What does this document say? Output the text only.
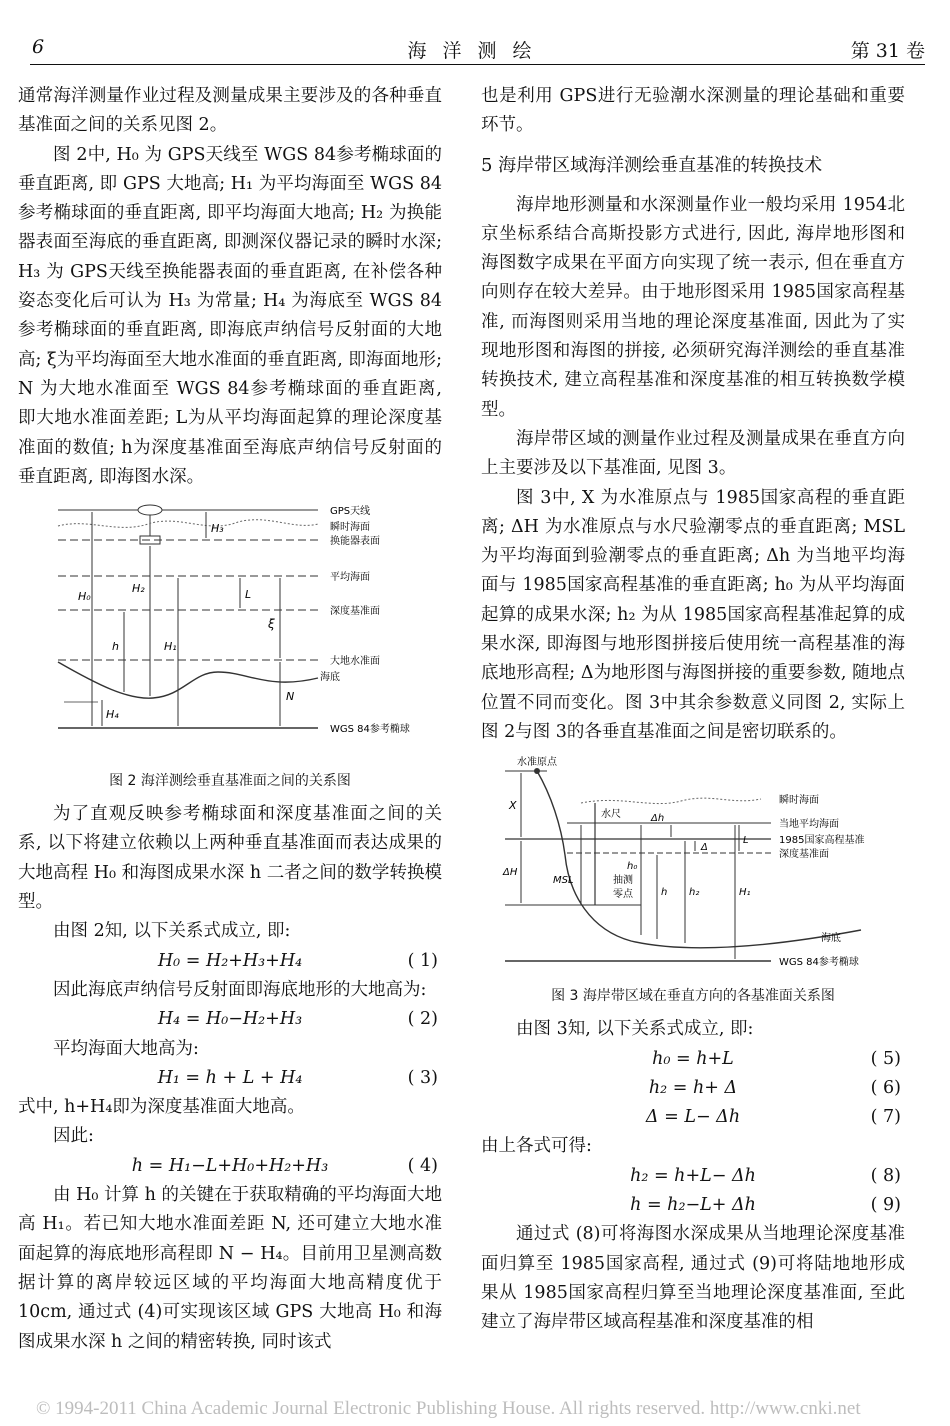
6	海洋测绘	第 31 卷

通常海洋测量作业过程及测量成果主要涉及的各种垂直基准面之间的关系见图 2。

图 2中, H₀ 为 GPS天线至 WGS 84参考椭球面的垂直距离, 即 GPS 大地高; H₁ 为平均海面至 WGS 84参考椭球面的垂直距离, 即平均海面大地高; H₂ 为换能器表面至海底的垂直距离, 即测深仪器记录的瞬时水深; H₃ 为 GPS天线至换能器表面的垂直距离, 在补偿各种姿态变化后可认为 H₃ 为常量; H₄ 为海底至 WGS 84 参考椭球面的垂直距离, 即海底声纳信号反射面的大地高; ξ为平均海面至大地水准面的垂直距离, 即海面地形; N 为大地水准面至 WGS 84参考椭球面的垂直距离, 即大地水准面差距; L为从平均海面起算的理论深度基准面的数值; h为深度基准面至海底声纳信号反射面的垂直距离, 即海图水深。

GPS天线
瞬时海面
换能器表面
平均海面
深度基准面
大地水准面
海底
WGS 84参考椭球
H₀
H₃
H₂
h	H₁
L
ξ
N
H₄
图 2 海洋测绘垂直基准面之间的关系图

为了直观反映参考椭球面和深度基准面之间的关系, 以下将建立依赖以上两种垂直基准面而表达成果的大地高程 H₀ 和海图成果水深 h 二者之间的数学转换模型。

由图 2知, 以下关系式成立, 即:

H₀ = H₂+H₃+H₄	( 1)

因此海底声纳信号反射面即海底地形的大地高为:

H₄ = H₀−H₂+H₃	( 2)

平均海面大地高为:

H₁ = h + L + H₄	( 3)

式中, h+H₄即为深度基准面大地高。

因此:

h = H₁−L+H₀+H₂+H₃	( 4)

由 H₀ 计算 h 的关键在于获取精确的平均海面大地高 H₁。若已知大地水准面差距 N, 还可建立大地水准面起算的海底地形高程即 N − H₄。目前用卫星测高数据计算的离岸较远区域的平均海面大地高精度优于 10cm, 通过式 (4)可实现该区域 GPS 大地高 H₀ 和海图成果水深 h 之间的精密转换, 同时该式

也是利用 GPS进行无验潮水深测量的理论基础和重要环节。

5 海岸带区域海洋测绘垂直基准的转换技术

海岸地形测量和水深测量作业一般均采用 1954北京坐标系结合高斯投影方式进行, 因此, 海岸地形图和海图数字成果在平面方向实现了统一表示, 但在垂直方向则存在较大差异。由于地形图采用 1985国家高程基准, 而海图则采用当地的理论深度基准面, 因此为了实现地形图和海图的拼接, 必须研究海洋测绘的垂直基准转换技术, 建立高程基准和深度基准的相互转换数学模型。

海岸带区域的测量作业过程及测量成果在垂直方向上主要涉及以下基准面, 见图 3。

图 3中, X 为水准原点与 1985国家高程的垂直距离; ΔH 为水准原点与水尺验潮零点的垂直距离; MSL为平均海面到验潮零点的垂直距离; Δh 为当地平均海面与 1985国家高程基准的垂直距离; h₀ 为从平均海面起算的成果水深; h₂ 为从 1985国家高程基准起算的成果水深, 即海图与地形图拼接后使用统一高程基准的海底地形高程; Δ为地形图与海图拼接的重要参数, 随地点位置不同而变化。图 3中其余参数意义同图 2, 实际上图 2与图 3的各垂直基准面之间是密切联系的。

水准原点
海底
瞬时海面
水尺
当地平均海面
1985国家高程基准
深度基准面
抽测
零点
WGS 84参考椭球
X
ΔH
MSL
Δh
Δ
L
h₀
h h₂	H₁
图 3 海岸带区域在垂直方向的各基准面关系图

由图 3知, 以下关系式成立, 即:

h₀ = h+L	( 5)
h₂ = h+ Δ	( 6)
Δ = L− Δh	( 7)

由上各式可得:

h₂ = h+L− Δh	( 8)
h = h₂−L+ Δh	( 9)

通过式 (8)可将海图水深成果从当地理论深度基准面归算至 1985国家高程, 通过式 (9)可将陆地地形成果从 1985国家高程归算至当地理论深度基准面, 至此建立了海岸带区域高程基准和深度基准的相

© 1994-2011 China Academic Journal Electronic Publishing House. All rights reserved. http://www.cnki.net
